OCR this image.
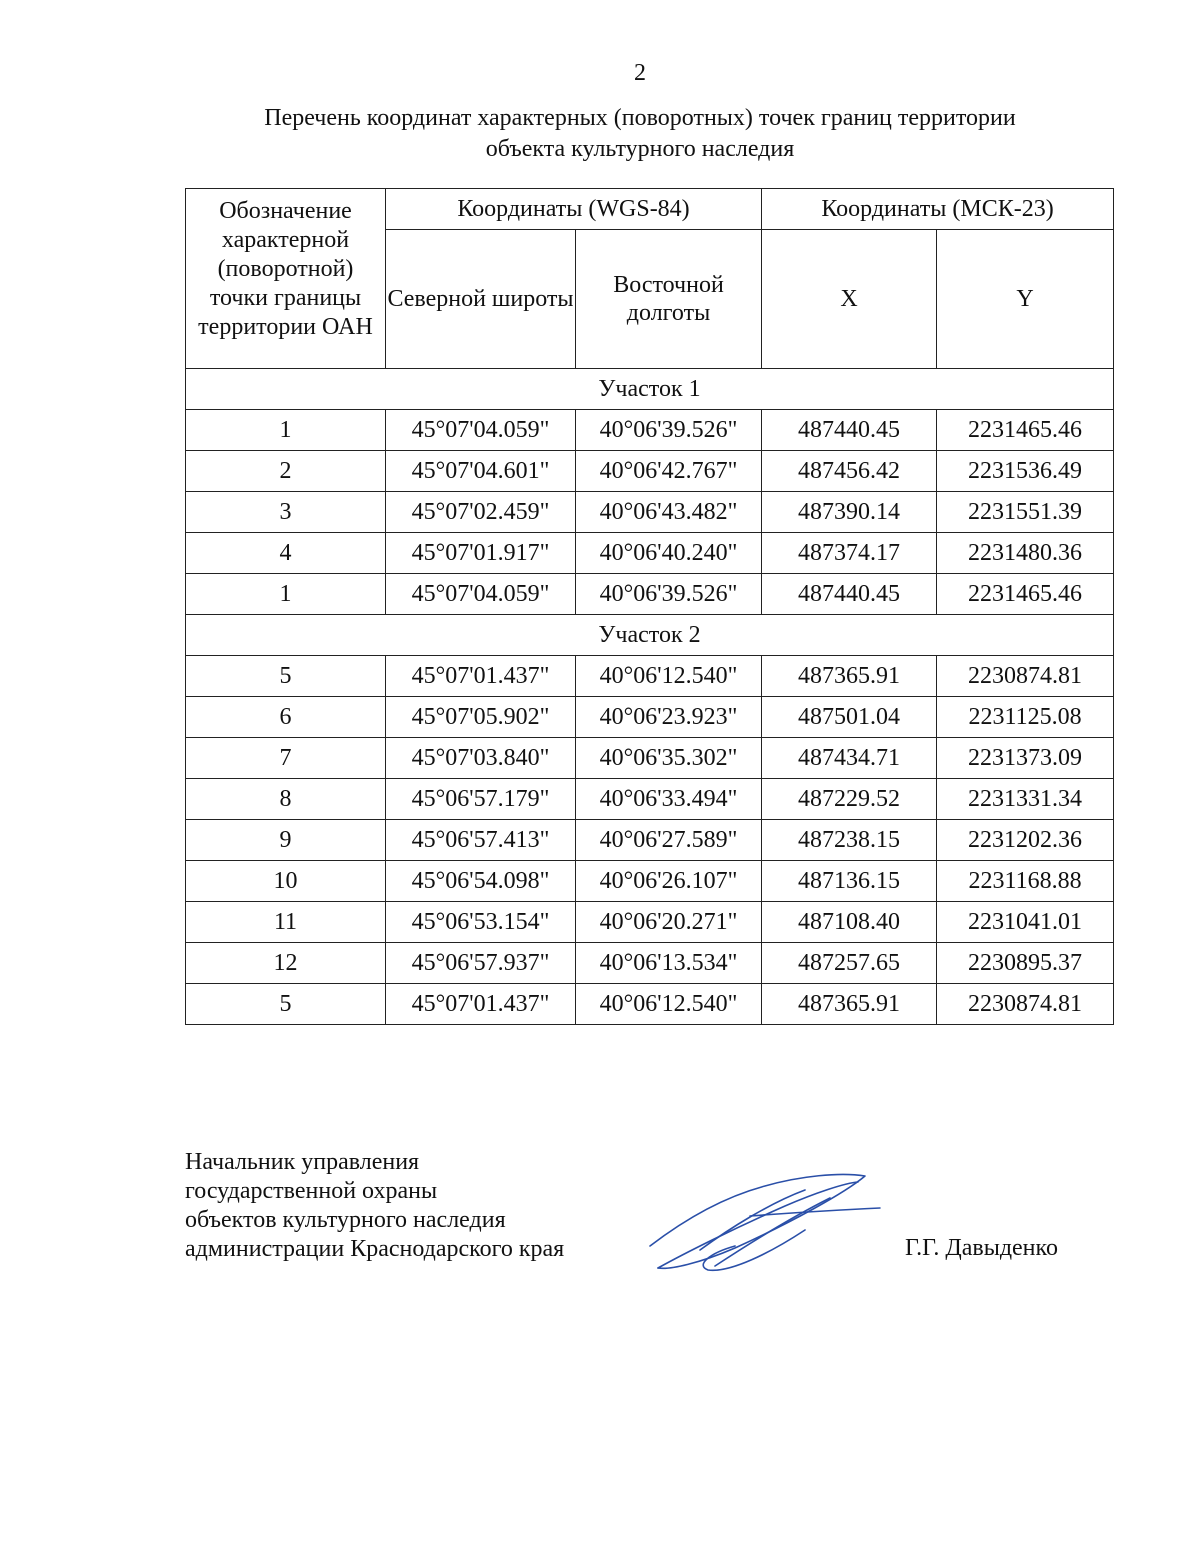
2
Перечень координат характерных (поворотных) точек границ территории
объекта культурного наследия
Обозначение характерной (поворотной) точки границы территории ОАН	Координаты (WGS-84)		Координаты (МСК-23)	
	Северной широты	Восточной долготы	X	Y
Участок 1				
1	45°07'04.059"	40°06'39.526"	487440.45	2231465.46
2	45°07'04.601"	40°06'42.767"	487456.42	2231536.49
3	45°07'02.459"	40°06'43.482"	487390.14	2231551.39
4	45°07'01.917"	40°06'40.240"	487374.17	2231480.36
1	45°07'04.059"	40°06'39.526"	487440.45	2231465.46
Участок 2				
5	45°07'01.437"	40°06'12.540"	487365.91	2230874.81
6	45°07'05.902"	40°06'23.923"	487501.04	2231125.08
7	45°07'03.840"	40°06'35.302"	487434.71	2231373.09
8	45°06'57.179"	40°06'33.494"	487229.52	2231331.34
9	45°06'57.413"	40°06'27.589"	487238.15	2231202.36
10	45°06'54.098"	40°06'26.107"	487136.15	2231168.88
11	45°06'53.154"	40°06'20.271"	487108.40	2231041.01
12	45°06'57.937"	40°06'13.534"	487257.65	2230895.37
5	45°07'01.437"	40°06'12.540"	487365.91	2230874.81
Начальник управления
государственной охраны
объектов культурного наследия
администрации Краснодарского края	Г.Г. Давыденко
